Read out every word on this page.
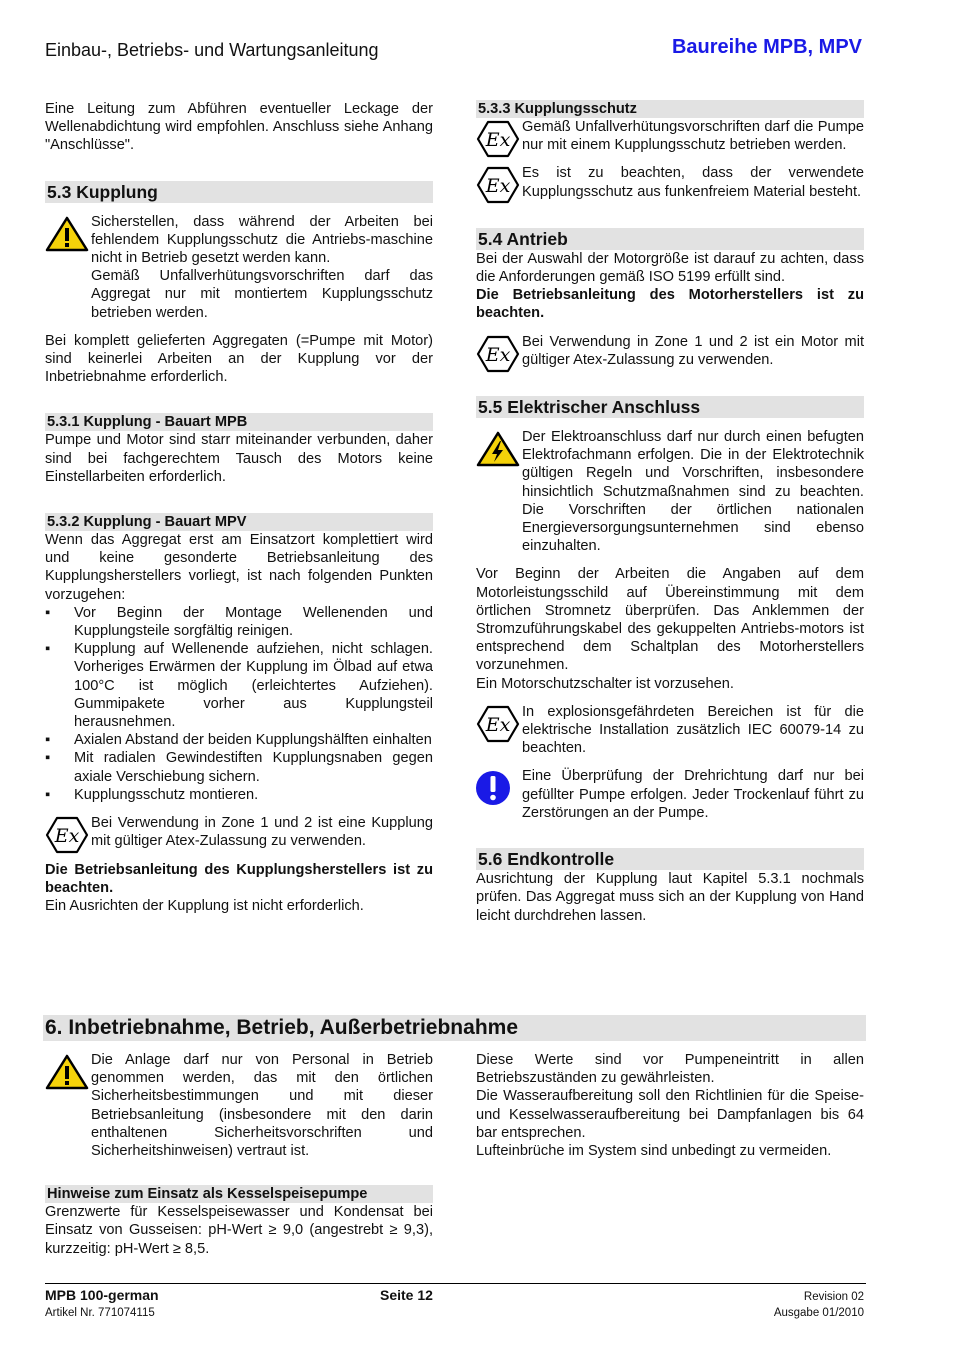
Einbau-, Betriebs- und Wartungsanleitung	Baureihe MPB, MPV

Eine Leitung zum Abführen eventueller Leckage der Wellenabdichtung wird empfohlen. Anschluss siehe Anhang "Anschlüsse".

5.3 Kupplung

Sicherstellen, dass während der Arbeiten bei fehlendem Kupplungsschutz die Antriebs-maschine nicht in Betrieb gesetzt werden kann.

Gemäß Unfallverhütungsvorschriften darf das Aggregat nur mit montiertem Kupplungsschutz betrieben werden.

Bei komplett gelieferten Aggregaten (=Pumpe mit Motor) sind keinerlei Arbeiten an der Kupplung vor der Inbetriebnahme erforderlich.

5.3.1 Kupplung - Bauart MPB

Pumpe und Motor sind starr miteinander verbunden, daher sind bei fachgerechtem Tausch des Motors keine Einstellarbeiten erforderlich.

5.3.2 Kupplung - Bauart MPV

Wenn das Aggregat erst am Einsatzort komplettiert wird und keine gesonderte Betriebsanleitung des Kupplungsherstellers vorliegt, ist nach folgenden Punkten vorzugehen:

▪ Vor Beginn der Montage Wellenenden und Kupplungsteile sorgfältig reinigen.
▪ Kupplung auf Wellenende aufziehen, nicht schlagen. Vorheriges Erwärmen der Kupplung im Ölbad auf etwa 100°C ist möglich (erleichtertes Aufziehen). Gummipakete vorher aus Kupplungsteil herausnehmen.
▪ Axialen Abstand der beiden Kupplungshälften einhalten
▪ Mit radialen Gewindestiften Kupplungsnaben gegen axiale Verschiebung sichern.
▪ Kupplungsschutz montieren.
Ex

Bei Verwendung in Zone 1 und 2 ist eine Kupplung mit gültiger Atex-Zulassung zu verwenden.

Die Betriebsanleitung des Kupplungsherstellers ist zu beachten.

Ein Ausrichten der Kupplung ist nicht erforderlich.

5.3.3 Kupplungsschutz
Ex

Gemäß Unfallverhütungsvorschriften darf die Pumpe nur mit einem Kupplungsschutz betrieben werden.

Ex

Es ist zu beachten, dass der verwendete Kupplungsschutz aus funkenfreiem Material besteht.

5.4 Antrieb

Bei der Auswahl der Motorgröße ist darauf zu achten, dass die Anforderungen gemäß ISO 5199 erfüllt sind.

Die Betriebsanleitung des Motorherstellers ist zu beachten.

Ex

Bei Verwendung in Zone 1 und 2 ist ein Motor mit gültiger Atex-Zulassung zu verwenden.

5.5 Elektrischer Anschluss

Der Elektroanschluss darf nur durch einen befugten Elektrofachmann erfolgen. Die in der Elektrotechnik gültigen Regeln und Vorschriften, insbesondere hinsichtlich Schutzmaßnahmen sind zu beachten. Die Vorschriften der örtlichen nationalen Energieversorgungsunternehmen sind ebenso einzuhalten.

Vor Beginn der Arbeiten die Angaben auf dem Motorleistungsschild auf Übereinstimmung mit dem örtlichen Stromnetz überprüfen. Das Anklemmen der Stromzuführungskabel des gekuppelten Antriebs-motors ist entsprechend dem Schaltplan des Motorherstellers vorzunehmen.

Ein Motorschutzschalter ist vorzusehen.

Ex

In explosionsgefährdeten Bereichen ist für die elektrische Installation zusätzlich IEC 60079-14 zu beachten.

Eine Überprüfung der Drehrichtung darf nur bei gefüllter Pumpe erfolgen. Jeder Trockenlauf führt zu Zerstörungen an der Pumpe.

5.6 Endkontrolle

Ausrichtung der Kupplung laut Kapitel 5.3.1 nochmals prüfen. Das Aggregat muss sich an der Kupplung von Hand leicht durchdrehen lassen.

6. Inbetriebnahme, Betrieb, Außerbetriebnahme

Die Anlage darf nur von Personal in Betrieb genommen werden, das mit den örtlichen Sicherheitsbestimmungen und mit dieser Betriebsanleitung (insbesondere mit den darin enthaltenen Sicherheitsvorschriften und Sicherheitshinweisen) vertraut ist.

Hinweise zum Einsatz als Kesselspeisepumpe

Grenzwerte für Kesselspeisewasser und Kondensat bei Einsatz von Gusseisen: pH-Wert ≥ 9,0 (angestrebt ≥ 9,3), kurzzeitig: pH-Wert ≥ 8,5.

Diese Werte sind vor Pumpeneintritt in allen Betriebszuständen zu gewährleisten.

Die Wasseraufbereitung soll den Richtlinien für die Speise- und Kesselwasseraufbereitung bei Dampfanlagen bis 64 bar entsprechen.

Lufteinbrüche im System sind unbedingt zu vermeiden.

MPB 100-german
Artikel Nr. 771074115
Seite 12	Revision 02
Ausgabe 01/2010
